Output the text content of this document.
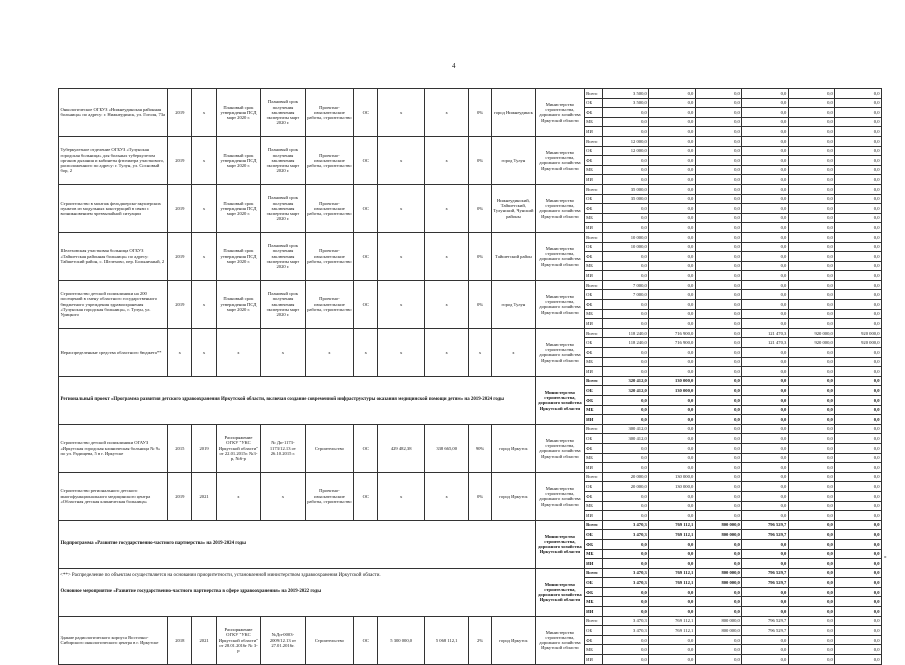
4
Онкологическое ОГБУЗ «Нижнеудинская районная больница» по адресу: г. Нижнеудинск, ул. Гоголя, 73а	2019	х	Плановый срок утверждения ПСД март 2020 г.	Плановый срок получения заключения экспертизы март 2020 г.	Проектно-изыскательские работы, строительство	ОС	х	х	0%	город Нижнеудинск	Министерство строительства, дорожного хозяйства Иркутской области	Всего	3 500,0	0,0	0,0	0,0	0,0	0,0
												ОБ	3 500,0	0,0	0,0	0,0	0,0	0,0
												ФБ	0,0	0,0	0,0	0,0	0,0	0,0
												МБ	0,0	0,0	0,0	0,0	0,0	0,0
												ИИ	0,0	0,0	0,0	0,0	0,0	0,0
Туберкулезное отделение ОГБУЗ «Тулунская городская больница» для больных туберкулезом органов дыхания и кабинеты фтизиатра участкового, расположенного по адресу: г. Тулун, ул. Сосновый бор, 2	2019	х	Плановый срок утверждения ПСД март 2020 г.	Плановый срок получения заключения экспертизы март 2020 г.	Проектно-изыскательские работы, строительство	ОС	х	х	0%	город Тулун	Министерство строительства, дорожного хозяйства Иркутской области	Всего	12 000,0	0,0	0,0	0,0	0,0	0,0
												ОБ	12 000,0	0,0	0,0	0,0	0,0	0,0
												ФБ	0,0	0,0	0,0	0,0	0,0	0,0
												МБ	0,0	0,0	0,0	0,0	0,0	0,0
												ИИ	0,0	0,0	0,0	0,0	0,0	0,0
Строительство в монтаж фельдшерско-акушерских пунктов из модульных конструкций в связи с возникновением чрезвычайной ситуации	2019	х	Плановый срок утверждения ПСД март 2020 г.	Плановый срок получения заключения экспертизы март 2020 г.	Проектно-изыскательские работы, строительство	ОС	х	х	0%	Нижнеудинский, Тайшетский, Тулунский, Чунский районы	Министерство строительства, дорожного хозяйства Иркутской области	Всего	35 000,0	0,0	0,0	0,0	0,0	0,0
												ОБ	35 000,0	0,0	0,0	0,0	0,0	0,0
												ФБ	0,0	0,0	0,0	0,0	0,0	0,0
												МБ	0,0	0,0	0,0	0,0	0,0	0,0
												ИИ	0,0	0,0	0,0	0,0	0,0	0,0
Шелеховская участковая больница ОГБУЗ «Тайшетская районная больница» по адресу: Тайшетский район, с. Шелехово, пер. Больничный, 2	2019	х	Плановый срок утверждения ПСД март 2020 г.	Плановый срок получения заключения экспертизы март 2020 г.	Проектно-изыскательские работы, строительство	ОС	х	х	0%	Тайшетский район	Министерство строительства, дорожного хозяйства Иркутской области	Всего	10 000,0	0,0	0,0	0,0	0,0	0,0
												ОБ	10 000,0	0,0	0,0	0,0	0,0	0,0
												ФБ	0,0	0,0	0,0	0,0	0,0	0,0
												МБ	0,0	0,0	0,0	0,0	0,0	0,0
												ИИ	0,0	0,0	0,0	0,0	0,0	0,0
Строительство детской поликлиники на 200 посещений в смену областного государственного бюджетного учреждения здравоохранения «Тулунская городская больница», г. Тулун, ул. Урицкого	2019	х	Плановый срок утверждения ПСД март 2020 г.	Плановый срок получения заключения экспертизы март 2020 г.	Проектно-изыскательские работы, строительство	ОС	х	х	0%	город Тулун	Министерство строительства, дорожного хозяйства Иркутской области	Всего	7 000,0	0,0	0,0	0,0	0,0	0,0
												ОБ	7 000,0	0,0	0,0	0,0	0,0	0,0
												ФБ	0,0	0,0	0,0	0,0	0,0	0,0
												МБ	0,0	0,0	0,0	0,0	0,0	0,0
												ИИ	0,0	0,0	0,0	0,0	0,0	0,0
Нераспределенные средства областного бюджета**	х	х	х	х	х	х	х	х	х	х	Министерство строительства, дорожного хозяйства Иркутской области	Всего	118 240,0	716 900,0	0,0	121 470,3	920 000,0	920 000,0
												ОБ	118 240,0	716 900,0	0,0	121 470,3	920 000,0	920 000,0
												ФБ	0,0	0,0	0,0	0,0	0,0	0,0
												МБ	0,0	0,0	0,0	0,0	0,0	0,0
												ИИ	0,0	0,0	0,0	0,0	0,0	0,0
Региональный проект «Программа развития детского здравоохранения Иркутской области, включая создание современной инфраструктуры оказания медицинской помощи детям» на 2019-2024 годы											Министерство строительства, дорожного хозяйства Иркутской области	Всего	320 412,0	130 000,0	0,0	0,0	0,0	0,0
												ОБ	320 412,0	130 000,0	0,0	0,0	0,0	0,0
												ФБ	0,0	0,0	0,0	0,0	0,0	0,0
												МБ	0,0	0,0	0,0	0,0	0,0	0,0
												ИИ	0,0	0,0	0,0	0,0	0,0	0,0
Строительство детской поликлиники ОГАУЗ «Иркутская городская клиническая больница № 9» по ул. Радищева, 5 в г. Иркутске	2015	2019	Распоряжение ОГКУ "УКС Иркутской области" от 22.01.2015г. №3-р, №6-р	№ Дп-1173-1173/12.13 от 26.10.2015 г.	Строительство	ОС	429 482,38	338 665,00	90%	город Иркутск	Министерство строительства, дорожного хозяйства Иркутской области	Всего	300 412,0	0,0	0,0	0,0	0,0	0,0
												ОБ	300 412,0	0,0	0,0	0,0	0,0	0,0
												ФБ	0,0	0,0	0,0	0,0	0,0	0,0
												МБ	0,0	0,0	0,0	0,0	0,0	0,0
												ИИ	0,0	0,0	0,0	0,0	0,0	0,0
Строительство регионального детского многофункционального медицинского центра «Областная детская клиническая больница»	2019	2021	х	х	Проектно-изыскательские работы, строительство	ОС	х	х	0%	город Иркутск	Министерство строительства, дорожного хозяйства Иркутской области	Всего	20 000,0	130 000,0	0,0	0,0	0,0	0,0
												ОБ	20 000,0	130 000,0	0,0	0,0	0,0	0,0
												ФБ	0,0	0,0	0,0	0,0	0,0	0,0
												МБ	0,0	0,0	0,0	0,0	0,0	0,0
												ИИ	0,0	0,0	0,0	0,0	0,0	0,0
Подпрограмма «Развитие государственно-частного партнерства» на 2019-2024 годы											Министерство строительства, дорожного хозяйства Иркутской области	Всего	3 470,3	769 112,1	800 000,0	796 529,7	0,0	0,0
												ОБ	3 470,3	769 112,1	800 000,0	796 529,7	0,0	0,0
												ФБ	0,0	0,0	0,0	0,0	0,0	0,0
												МБ	0,0	0,0	0,0	0,0	0,0	0,0
												ИИ	0,0	0,0	0,0	0,0	0,0	0,0
Основное мероприятие «Развитие государственно-частного партнерства в сфере здравоохранения» на 2019-2022 годы											Министерство строительства, дорожного хозяйства Иркутской области	Всего	3 470,3	769 112,1	800 000,0	796 529,7	0,0	0,0
												ОБ	3 470,3	769 112,1	800 000,0	796 529,7	0,0	0,0
												ФБ	0,0	0,0	0,0	0,0	0,0	0,0
												МБ	0,0	0,0	0,0	0,0	0,0	0,0
												ИИ	0,0	0,0	0,0	0,0	0,0	0,0
Здание радиологического корпуса Восточно-Сибирского онкологического центра в г. Иркутске	2018	2021	Распоряжение ОГКУ "УКС Иркутской области" от 28.01.2016г № 3-р	№Дп-0003-2009/12.13 от 27.01.2016г.	Строительство	ОС	5 300 000,0	5 068 112,1	2%	город Иркутск	Министерство строительства, дорожного хозяйства Иркутской области	Всего	3 470,3	769 112,1	800 000,0	796 529,7	0,0	0,0
												ОБ	3 470,3	769 112,1	800 000,0	796 529,7	0,0	0,0
												ФБ	0,0	0,0	0,0	0,0	0,0	0,0
												МБ	0,0	0,0	0,0	0,0	0,0	0,0
												ИИ	0,0	0,0	0,0	0,0	0,0	0,0
<**> Распределение по объектам осуществляется на основании приоритетности, установленной министерством здравоохранения Иркутской области.
«
